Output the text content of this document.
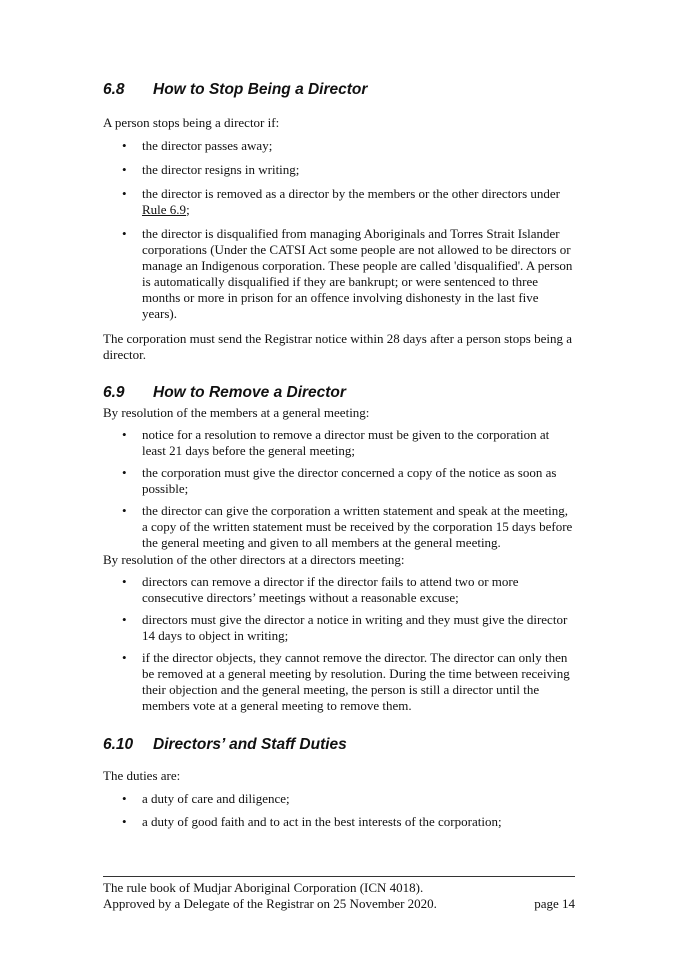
6.8 How to Stop Being a Director

A person stops being a director if:

• the director passes away;
• the director resigns in writing;
• the director is removed as a director by the members or the other directors under Rule 6.9;
• the director is disqualified from managing Aboriginals and Torres Strait Islander corporations (Under the CATSI Act some people are not allowed to be directors or manage an Indigenous corporation. These people are called 'disqualified'. A person is automatically disqualified if they are bankrupt; or were sentenced to three months or more in prison for an offence involving dishonesty in the last five years).

The corporation must send the Registrar notice within 28 days after a person stops being a director.

6.9 How to Remove a Director

By resolution of the members at a general meeting:

• notice for a resolution to remove a director must be given to the corporation at least 21 days before the general meeting;
• the corporation must give the director concerned a copy of the notice as soon as possible;
• the director can give the corporation a written statement and speak at the meeting, a copy of the written statement must be received by the corporation 15 days before the general meeting and given to all members at the general meeting.

By resolution of the other directors at a directors meeting:

• directors can remove a director if the director fails to attend two or more consecutive directors’ meetings without a reasonable excuse;
• directors must give the director a notice in writing and they must give the director 14 days to object in writing;
• if the director objects, they cannot remove the director. The director can only then be removed at a general meeting by resolution. During the time between receiving their objection and the general meeting, the person is still a director until the members vote at a general meeting to remove them.
6.10 Directors’ and Staff Duties

The duties are:

• a duty of care and diligence;
• a duty of good faith and to act in the best interests of the corporation;
The rule book of Mudjar Aboriginal Corporation (ICN 4018).
Approved by a Delegate of the Registrar on 25 November 2020.	page 14
